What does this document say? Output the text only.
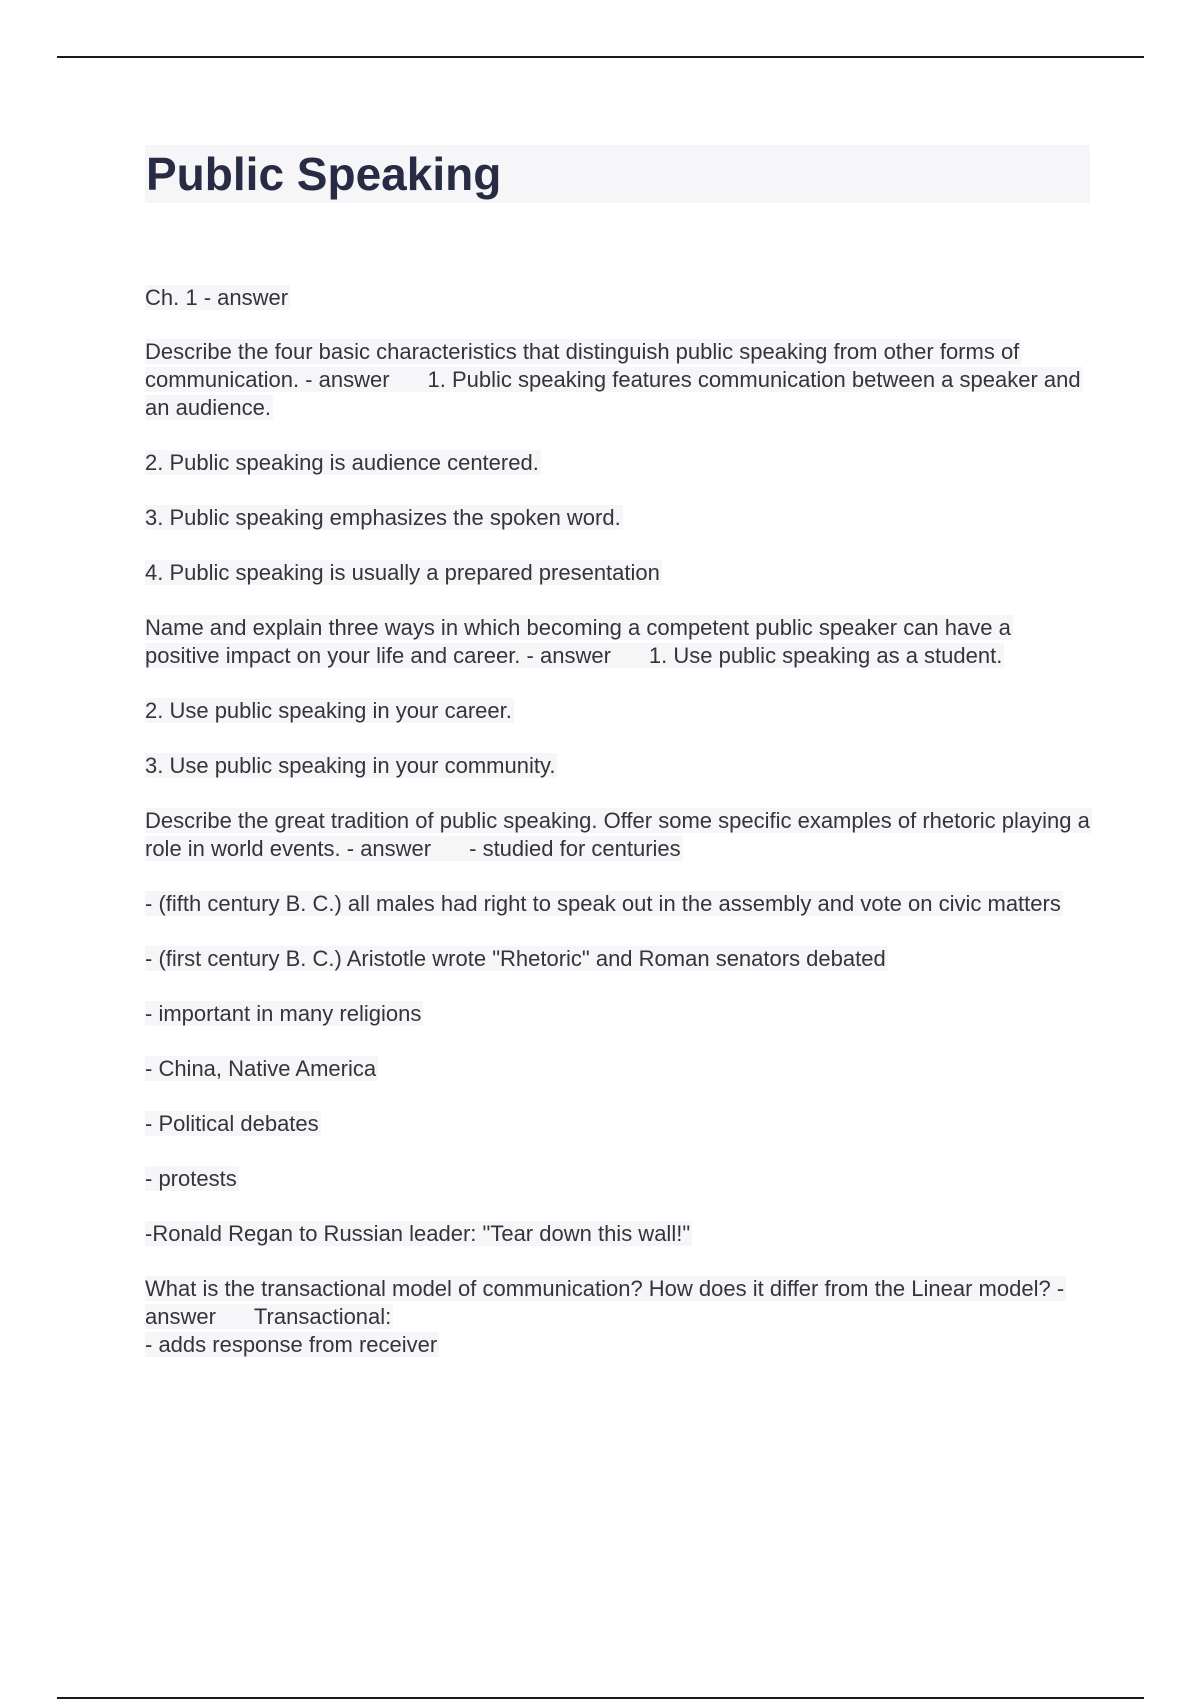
Public Speaking

Ch. 1 - answer

Describe the four basic characteristics that distinguish public speaking from other forms of communication. - answer 1. Public speaking features communication between a speaker and an audience.

2. Public speaking is audience centered.

3. Public speaking emphasizes the spoken word.

4. Public speaking is usually a prepared presentation

Name and explain three ways in which becoming a competent public speaker can have a positive impact on your life and career. - answer 1. Use public speaking as a student.

2. Use public speaking in your career.

3. Use public speaking in your community.

Describe the great tradition of public speaking. Offer some specific examples of rhetoric playing a role in world events. - answer - studied for centuries

- (fifth century B. C.) all males had right to speak out in the assembly and vote on civic matters

- (first century B. C.) Aristotle wrote "Rhetoric" and Roman senators debated

- important in many religions

- China, Native America

- Political debates

- protests

-Ronald Regan to Russian leader: "Tear down this wall!"

What is the transactional model of communication? How does it differ from the Linear model? - answer Transactional:
- adds response from receiver
